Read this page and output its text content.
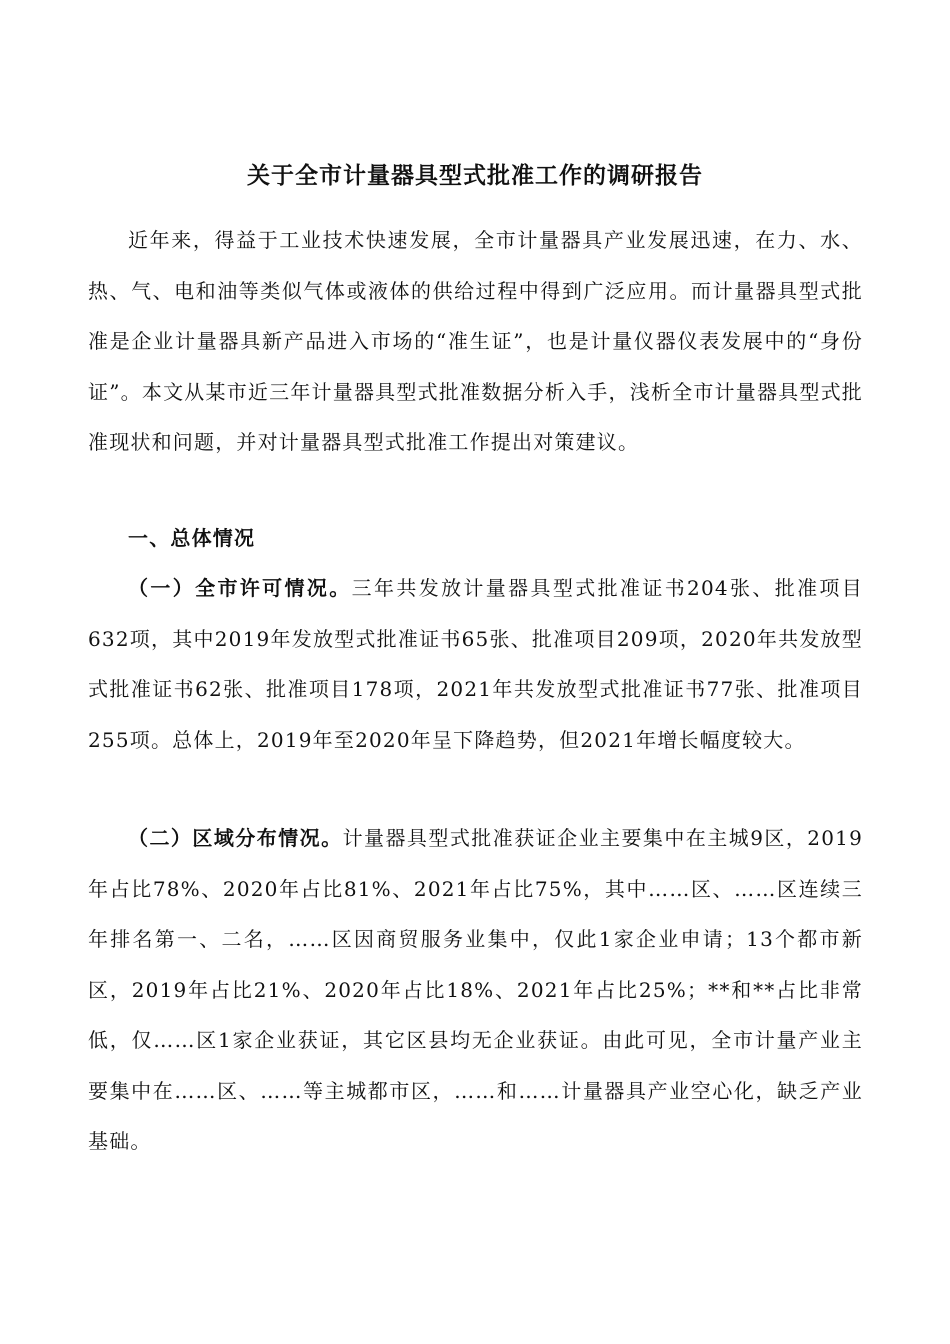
关于全市计量器具型式批准工作的调研报告

近年来，得益于工业技术快速发展，全市计量器具产业发展迅速，在力、水、热、气、电和油等类似气体或液体的供给过程中得到广泛应用。而计量器具型式批准是企业计量器具新产品进入市场的“准生证”，也是计量仪器仪表发展中的“身份证”。本文从某市近三年计量器具型式批准数据分析入手，浅析全市计量器具型式批准现状和问题，并对计量器具型式批准工作提出对策建议。

一、总体情况

（一）全市许可情况。三年共发放计量器具型式批准证书204张、批准项目632项，其中2019年发放型式批准证书65张、批准项目209项，2020年共发放型式批准证书62张、批准项目178项，2021年共发放型式批准证书77张、批准项目255项。总体上，2019年至2020年呈下降趋势，但2021年增长幅度较大。

（二）区域分布情况。计量器具型式批准获证企业主要集中在主城9区，2019年占比78%、2020年占比81%、2021年占比75%，其中……区、……区连续三年排名第一、二名，……区因商贸服务业集中，仅此1家企业申请；13个都市新区，2019年占比21%、2020年占比18%、2021年占比25%；**和**占比非常低，仅……区1家企业获证，其它区县均无企业获证。由此可见，全市计量产业主要集中在……区、……等主城都市区，……和……计量器具产业空心化，缺乏产业基础。
